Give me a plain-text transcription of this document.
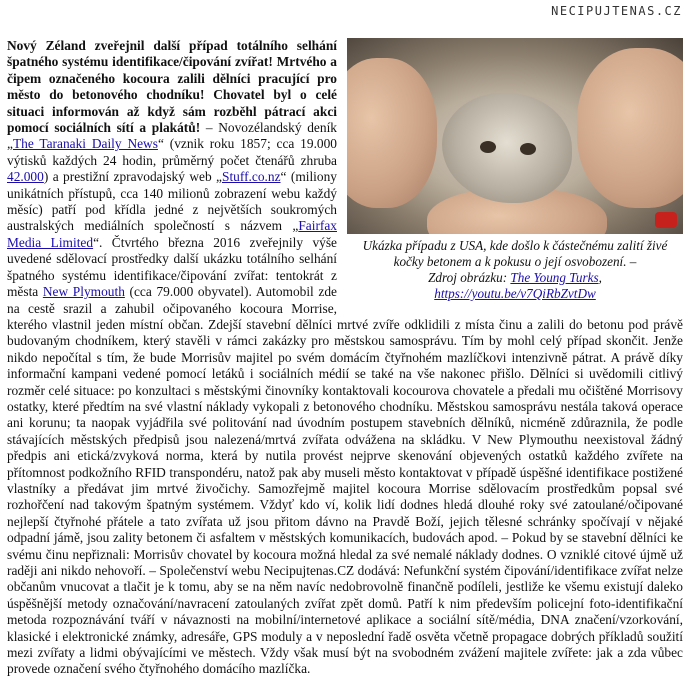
NECIPUJTENAS.CZ
Ukázka případu z USA, kde došlo k částečnému zalití živé kočky betonem a k pokusu o její osvobození. –
Zdroj obrázku: The Young Turks,
https://youtu.be/v7QiRbZvtDw

Nový Zéland zveřejnil další případ totálního selhání špatného systému identifikace/čipování zvířat! Mrtvého a čipem označeného kocoura zalili dělníci pracující pro město do betonového chodníku! Chovatel byl o celé situaci informován až když sám rozběhl pátrací akci pomocí sociálních sítí a plakátů! – Novozélandský deník „The Taranaki Daily News“ (vznik roku 1857; cca 19.000 výtisků každých 24 hodin, průměrný počet čtenářů zhruba 42.000) a prestižní zpravodajský web „Stuff.co.nz“ (miliony unikátních přístupů, cca 140 milionů zobrazení webu každý měsíc) patří pod křídla jedné z největších soukromých australských mediálních společností s názvem „Fairfax Media Limited“. Čtvrtého března 2016 zveřejnily výše uvedené sdělovací prostředky další ukázku totálního selhání špatného systému identifikace/čipování zvířat: tentokrát z města New Plymouth (cca 79.000 obyvatel). Automobil zde na cestě srazil a zahubil očipovaného kocoura Morrise, kterého vlastnil jeden místní občan. Zdejší stavební dělníci mrtvé zvíře odklidili z místa činu a zalili do betonu pod právě budovaným chodníkem, který stavěli v rámci zakázky pro městskou samosprávu. Tím by mohl celý případ skončit. Jenže nikdo nepočítal s tím, že bude Morrisův majitel po svém domácím čtyřnohém mazlíčkovi intenzivně pátrat. A právě díky informační kampani vedené pomocí letáků i sociálních médií se také na vše nakonec přišlo. Dělníci si uvědomili citlivý rozměr celé situace: po konzultaci s městskými činovníky kontaktovali kocourova chovatele a předali mu očištěné Morrisovy ostatky, které předtím na své vlastní náklady vykopali z betonového chodníku. Městskou samosprávu nestála taková operace ani korunu; ta naopak vyjádřila své politování nad úvodním postupem stavebních dělníků, nicméně zdůraznila, že podle stávajících městských předpisů jsou nalezená/mrtvá zvířata odvážena na skládku. V New Plymouthu neexistoval žádný předpis ani etická/zvyková norma, která by nutila provést nejprve skenování objevených ostatků každého zvířete na přítomnost podkožního RFID transpondéru, natož pak aby museli město kontaktovat v případě úspěšné identifikace postižené vlastníky a předávat jim mrtvé živočichy. Samozřejmě majitel kocoura Morrise sdělovacím prostředkům popsal své rozhořčení nad takovým špatným systémem. Vždyť kdo ví, kolik lidí dodnes hledá dlouhé roky své zatoulané/očipované nejlepší čtyřnohé přátele a tato zvířata už jsou přitom dávno na Pravdě Boží, jejich tělesné schránky spočívají v nějaké odpadní jámě, jsou zality betonem či asfaltem v městských komunikacích, budovách apod. – Pokud by se stavební dělníci ke svému činu nepřiznali: Morrisův chovatel by kocoura možná hledal za své nemalé náklady dodnes. O vzniklé citové újmě už raději ani nikdo nehovoří. – Společenství webu Necipujtenas.CZ dodává: Nefunkční systém čipování/identifikace zvířat nelze občanům vnucovat a tlačit je k tomu, aby se na něm navíc nedobrovolně finančně podíleli, jestliže ke všemu existují daleko úspěšnější metody označování/navracení zatoulaných zvířat zpět domů. Patří k nim především policejní foto-identifikační metoda rozpoznávání tváří v návaznosti na mobilní/internetové aplikace a sociální sítě/média, DNA značení/vzorkování, klasické i elektronické známky, adresáře, GPS moduly a v neposlední řadě osvěta včetně propagace dobrých příkladů soužití mezi zvířaty a lidmi obývajícími ve městech. Vždy však musí být na svobodném zvážení majitele zvířete: jak a zda vůbec provede označení svého čtyřnohého domácího mazlíčka.
